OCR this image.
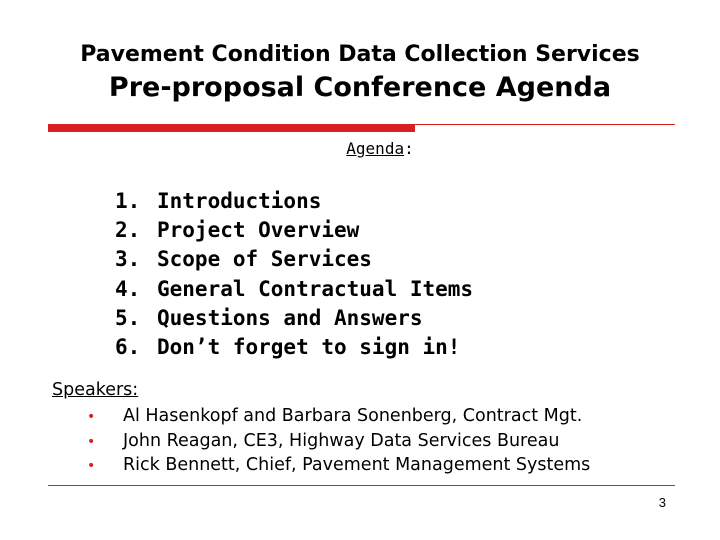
Pavement Condition Data Collection Services
Pre-proposal Conference Agenda
Agenda:
1. Introductions
2. Project Overview
3. Scope of Services
4. General Contractual Items
5. Questions and Answers
6. Don’t forget to sign in!
Speakers:
• Al Hasenkopf and Barbara Sonenberg, Contract Mgt.
• John Reagan, CE3, Highway Data Services Bureau
• Rick Bennett, Chief, Pavement Management Systems
3
